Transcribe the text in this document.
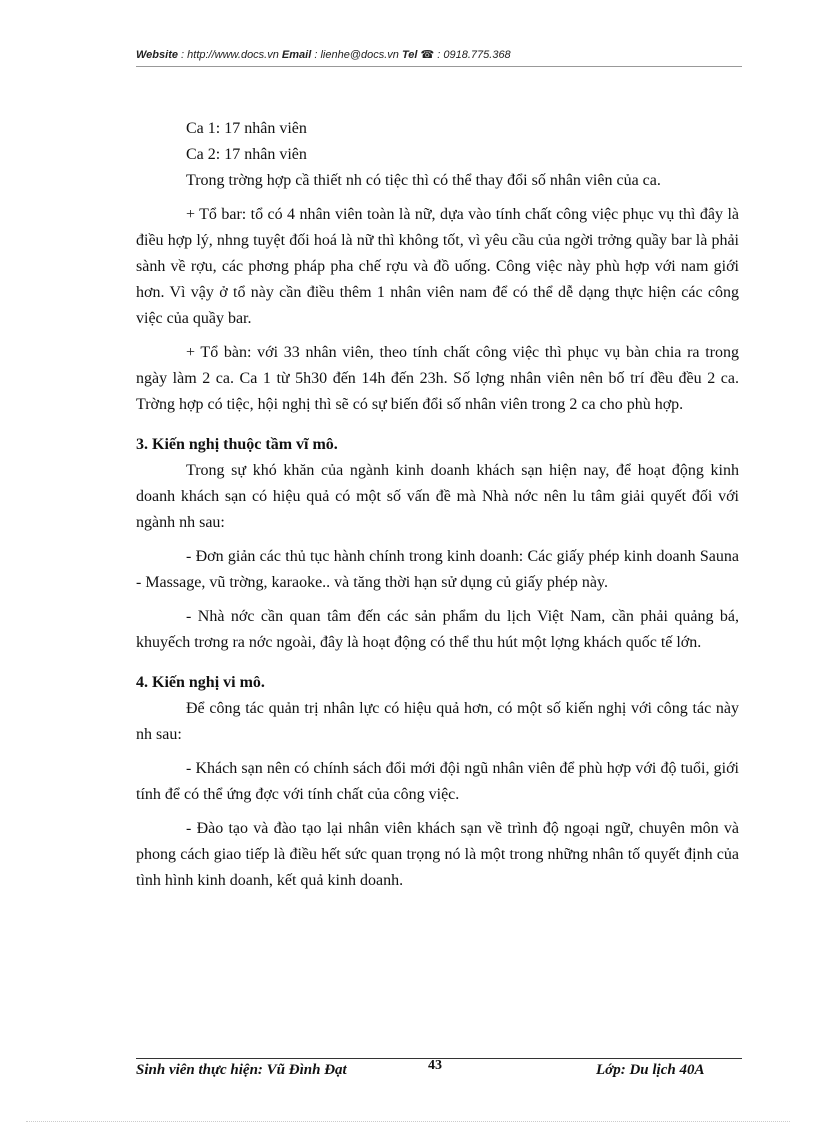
Website : http://www.docs.vn Email : lienhe@docs.vn Tel ☎ : 0918.775.368

Ca 1: 17 nhân viên

Ca 2: 17 nhân viên

Trong trờng hợp cầ thiết nh có tiệc thì có thể thay đổi số nhân viên của ca.

+ Tổ bar: tổ có 4 nhân viên toàn là nữ, dựa vào tính chất công việc phục vụ thì đây là điều hợp lý, nhng tuyệt đối hoá là nữ thì không tốt, vì yêu cầu của ngời trởng quầy bar là phải sành về rợu, các phơng pháp pha chế rợu và đồ uống. Công việc này phù hợp với nam giới hơn. Vì vậy ở tổ này cần điều thêm 1 nhân viên nam để có thể dễ dạng thực hiện các công việc của quầy bar.

+ Tổ bàn: với 33 nhân viên, theo tính chất công việc thì phục vụ bàn chia ra trong ngày làm 2 ca. Ca 1 từ 5h30 đến 14h đến 23h. Số lợng nhân viên nên bố trí đều đều 2 ca. Trờng hợp có tiệc, hội nghị thì sẽ có sự biến đổi số nhân viên trong 2 ca cho phù hợp.

3. Kiến nghị thuộc tầm vĩ mô.

Trong sự khó khăn của ngành kinh doanh khách sạn hiện nay, để hoạt động kinh doanh khách sạn có hiệu quả có một số vấn đề mà Nhà nớc nên lu tâm giải quyết đối với ngành nh sau:

- Đơn giản các thủ tục hành chính trong kinh doanh: Các giấy phép kinh doanh Sauna - Massage, vũ trờng, karaoke.. và tăng thời hạn sử dụng củ giấy phép này.

- Nhà nớc cần quan tâm đến các sản phẩm du lịch Việt Nam, cần phải quảng bá, khuyếch trơng ra nớc ngoài, đây là hoạt động có thể thu hút một lợng khách quốc tế lớn.

4. Kiến nghị vi mô.

Để công tác quản trị nhân lực có hiệu quả hơn, có một số kiến nghị với công tác này nh sau:

- Khách sạn nên có chính sách đổi mới đội ngũ nhân viên để phù hợp với độ tuổi, giới tính để có thể ứng đợc với tính chất của công việc.

- Đào tạo và đào tạo lại nhân viên khách sạn về trình độ ngoại ngữ, chuyên môn và phong cách giao tiếp là điều hết sức quan trọng nó là một trong những nhân tố quyết định của tình hình kinh doanh, kết quả kinh doanh.

Sinh viên thực hiện: Vũ Đình Đạt	43	Lớp: Du lịch 40A
